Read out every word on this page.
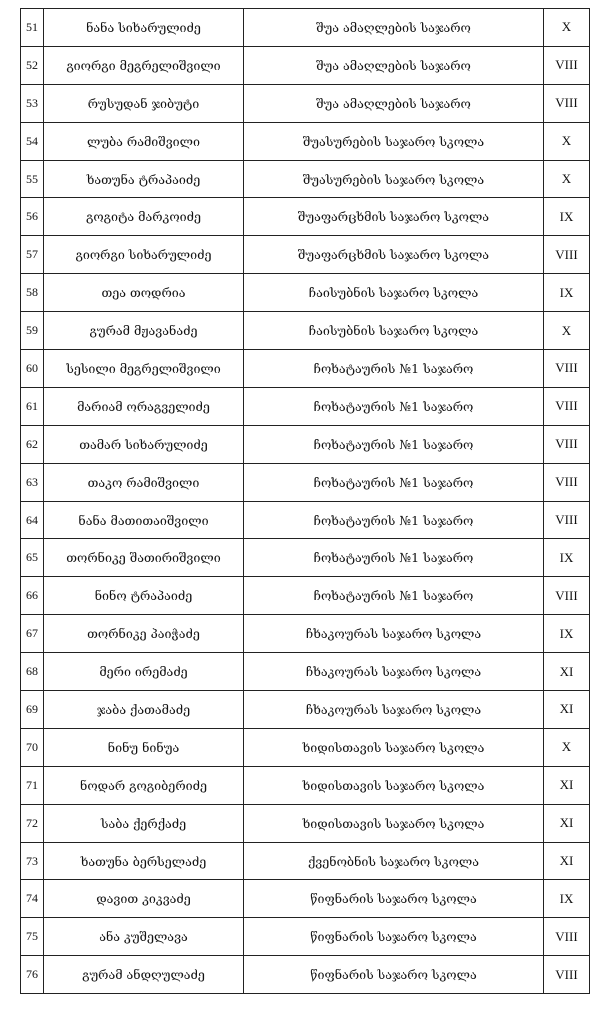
51	ნანა სიხარულიძე	შუა ამაღლების საჯარო	X
52	გიორგი მეგრელიშვილი	შუა ამაღლების საჯარო	VIII
53	რუსუდან ჯიბუტი	შუა ამაღლების საჯარო	VIII
54	ლუბა რამიშვილი	შუასურების საჯარო სკოლა	X
55	ხათუნა ტრაპაიძე	შუასურების საჯარო სკოლა	X
56	გოგიტა მარკოიძე	შუაფარცხმის საჯარო სკოლა	IX
57	გიორგი სიხარულიძე	შუაფარცხმის საჯარო სკოლა	VIII
58	თეა თოდრია	ჩაისუბნის საჯარო სკოლა	IX
59	გურამ მჟავანაძე	ჩაისუბნის საჯარო სკოლა	X
60	სესილი მეგრელიშვილი	ჩოხატაურის №1 საჯარო	VIII
61	მარიამ ორაგველიძე	ჩოხატაურის №1 საჯარო	VIII
62	თამარ სიხარულიძე	ჩოხატაურის №1 საჯარო	VIII
63	თაკო რამიშვილი	ჩოხატაურის №1 საჯარო	VIII
64	ნანა მათითაიშვილი	ჩოხატაურის №1 საჯარო	VIII
65	თორნიკე შათირიშვილი	ჩოხატაურის №1 საჯარო	IX
66	ნინო ტრაპაიძე	ჩოხატაურის №1 საჯარო	VIII
67	თორნიკე პაიჭაძე	ჩხაკოურას საჯარო სკოლა	IX
68	მერი ირემაძე	ჩხაკოურას საჯარო სკოლა	XI
69	ჯაბა ქათამაძე	ჩხაკოურას საჯარო სკოლა	XI
70	ნინუ ნინუა	ხიდისთავის საჯარო სკოლა	X
71	ნოდარ გოგიბერიძე	ხიდისთავის საჯარო სკოლა	XI
72	საბა ქერქაძე	ხიდისთავის საჯარო სკოლა	XI
73	ხათუნა ბერსელაძე	ქვენობნის საჯარო სკოლა	XI
74	დავით კიკვაძე	წიფნარის საჯარო სკოლა	IX
75	ანა კუშელავა	წიფნარის საჯარო სკოლა	VIII
76	გურამ ანდღულაძე	წიფნარის საჯარო სკოლა	VIII
